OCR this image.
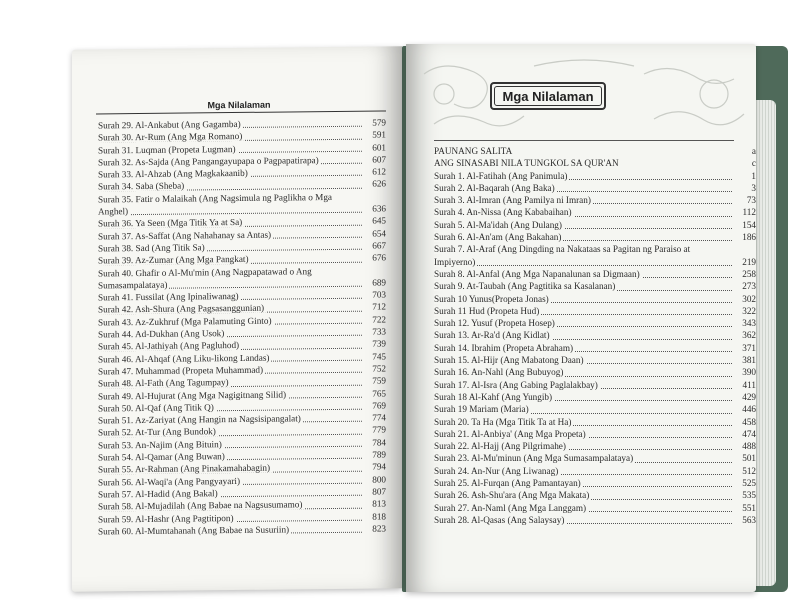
Mga Nilalaman
Surah 29. Al-Ankabut (Ang Gagamba)	579
Surah 30. Ar-Rum (Ang Mga Romano)	591
Surah 31. Luqman (Propeta Lugman)	601
Surah 32. As-Sajda (Ang Pangangayupapa o Pagpapatirapa)	607
Surah 33. Al-Ahzab (Ang Magkakaanib)	612
Surah 34. Saba (Sheba)	626
Surah 35. Fatir o Malaikah (Ang Nagsimula ng Paglikha o Mga Anghel)	636
Surah 36. Ya Seen (Mga Titik Ya at Sa)	645
Surah 37. As-Saffat (Ang Nahahanay sa Antas)	654
Surah 38. Sad (Ang Titik Sa)	667
Surah 39. Az-Zumar (Ang Mga Pangkat)	676
Surah 40. Ghafir o Al-Mu'min (Ang Nagpapatawad o Ang Sumasampalataya)	689
Surah 41. Fussilat (Ang Ipinaliwanag)	703
Surah 42. Ash-Shura (Ang Pagsasanggunian)	712
Surah 43. Az-Zukhruf (Mga Palamuting Ginto)	722
Surah 44. Ad-Dukhan (Ang Usok)	733
Surah 45. Al-Jathiyah (Ang Pagluhod)	739
Surah 46. Al-Ahqaf (Ang Liku-likong Landas)	745
Surah 47. Muhammad (Propeta Muhammad)	752
Surah 48. Al-Fath (Ang Tagumpay)	759
Surah 49. Al-Hujurat (Ang Mga Nagigitnang Silid)	765
Surah 50. Al-Qaf (Ang Titik Q)	769
Surah 51. Az-Zariyat (Ang Hangin na Nagsisipangalat)	774
Surah 52. At-Tur (Ang Bundok)	779
Surah 53. An-Najim (Ang Bituin)	784
Surah 54. Al-Qamar (Ang Buwan)	789
Surah 55. Ar-Rahman (Ang Pinakamahabagin)	794
Surah 56. Al-Waqi'a (Ang Pangyayari)	800
Surah 57. Al-Hadid (Ang Bakal)	807
Surah 58. Al-Mujadilah (Ang Babae na Nagsusumamo)	813
Surah 59. Al-Hashr (Ang Pagtitipon)	818
Surah 60. Al-Mumtahanah (Ang Babae na Susuriin)	823
Mga Nilalaman
PAUNANG SALITA	a
ANG SINASABI NILA TUNGKOL SA QUR'AN	c
Surah 1. Al-Fatihah (Ang Panimula)	1
Surah 2. Al-Baqarah (Ang Baka)	3
Surah 3. Al-Imran (Ang Pamilya ni Imran)	73
Surah 4. An-Nissa (Ang Kababaihan)	112
Surah 5. Al-Ma'idah (Ang Dulang)	154
Surah 6. Al-An'am (Ang Bakahan)	186
Surah 7. Al-Araf (Ang Dingding na Nakataas sa Pagitan ng Paraiso at Impiyerno)	219
Surah 8. Al-Anfal (Ang Mga Napanalunan sa Digmaan)	258
Surah 9. At-Taubah (Ang Pagtitika sa Kasalanan)	273
Surah 10 Yunus(Propeta Jonas)	302
Surah 11 Hud (Propeta Hud)	322
Surah 12. Yusuf (Propeta Hosep)	343
Surah 13. Ar-Ra'd (Ang Kidlat)	362
Surah 14. Ibrahim (Propeta Abraham)	371
Surah 15. Al-Hijr (Ang Mabatong Daan)	381
Surah 16. An-Nahl (Ang Bubuyog)	390
Surah 17. Al-Isra (Ang Gabing Paglalakbay)	411
Surah 18 Al-Kahf (Ang Yungib)	429
Surah 19 Mariam (Maria)	446
Surah 20. Ta Ha (Mga Titik Ta at Ha)	458
Surah 21. Al-Anbiya' (Ang Mga Propeta)	474
Surah 22. Al-Hajj (Ang Pilgrimahe)	488
Surah 23. Al-Mu'minun (Ang Mga Sumasampalataya)	501
Surah 24. An-Nur (Ang Liwanag)	512
Surah 25. Al-Furqan (Ang Pamantayan)	525
Surah 26. Ash-Shu'ara (Ang Mga Makata)	535
Surah 27. An-Naml (Ang Mga Langgam)	551
Surah 28. Al-Qasas (Ang Salaysay)	563
